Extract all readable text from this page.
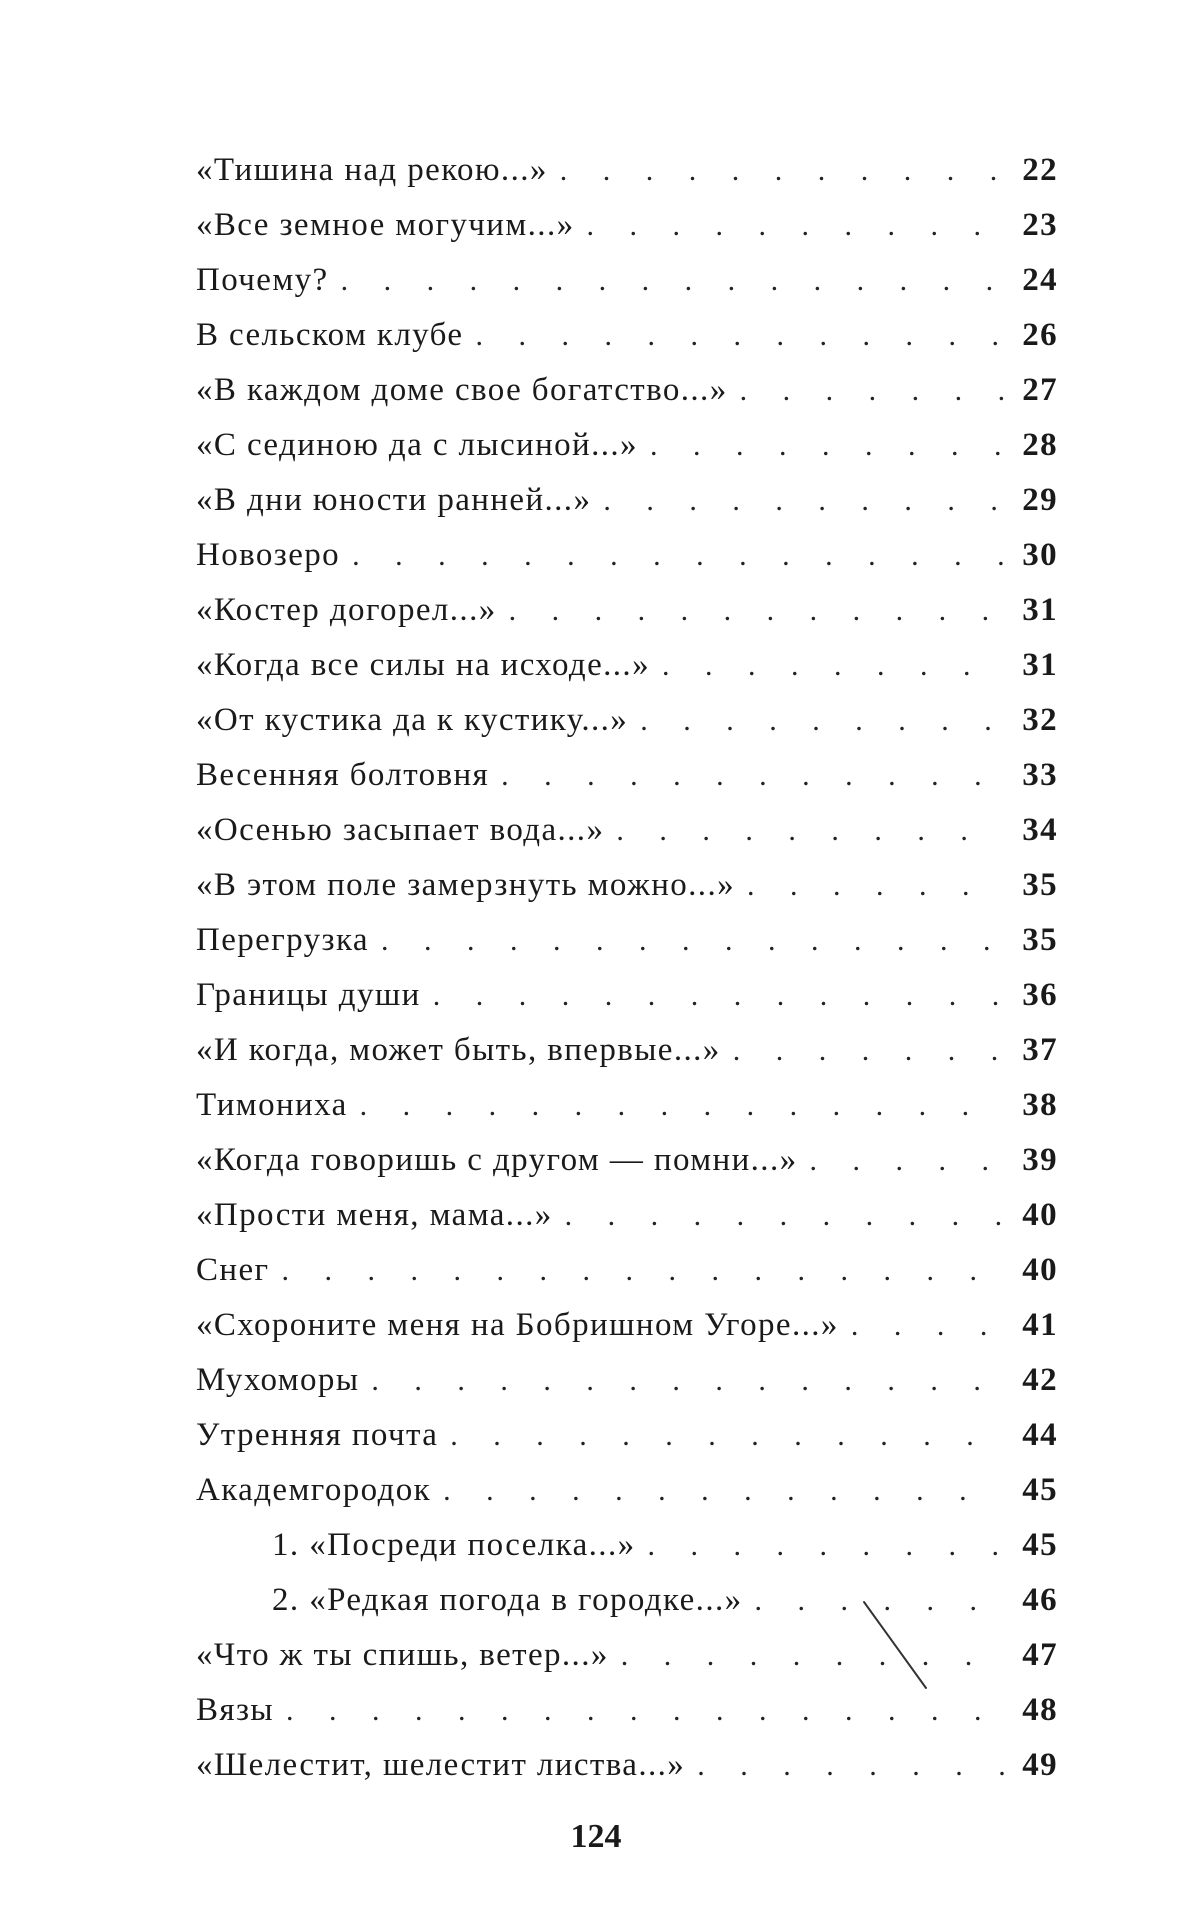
«Тишина над рекою...» . . .	22
«Все земное могучим...» . . .	23
Почему? . . .	24
В сельском клубе . . .	26
«В каждом доме свое богатство...» . . .	27
«С сединою да с лысиной...» . . .	28
«В дни юности ранней...» . . .	29
Новозеро . . .	30
«Костер догорел...» . . .	31
«Когда все силы на исходе...» . . .	31
«От кустика да к кустику...» . . .	32
Весенняя болтовня . . .	33
«Осенью засыпает вода...» . . .	34
«В этом поле замерзнуть можно...» . . .	35
Перегрузка . . .	35
Границы души . . .	36
«И когда, может быть, впервые...» . . .	37
Тимониха . . .	38
«Когда говоришь с другом — помни...» . . .	39
«Прости меня, мама...» . . .	40
Снег . . .	40
«Схороните меня на Бобришном Угоре...» . . .	41
Мухоморы . . .	42
Утренняя почта . . .	44
Академгородок . . .	45
1. «Посреди поселка...» . . .	45
2. «Редкая погода в городке...» . . .	46
«Что ж ты спишь, ветер...» . . .	47
Вязы . . .	48
«Шелестит, шелестит листва...» . . .	49
124
